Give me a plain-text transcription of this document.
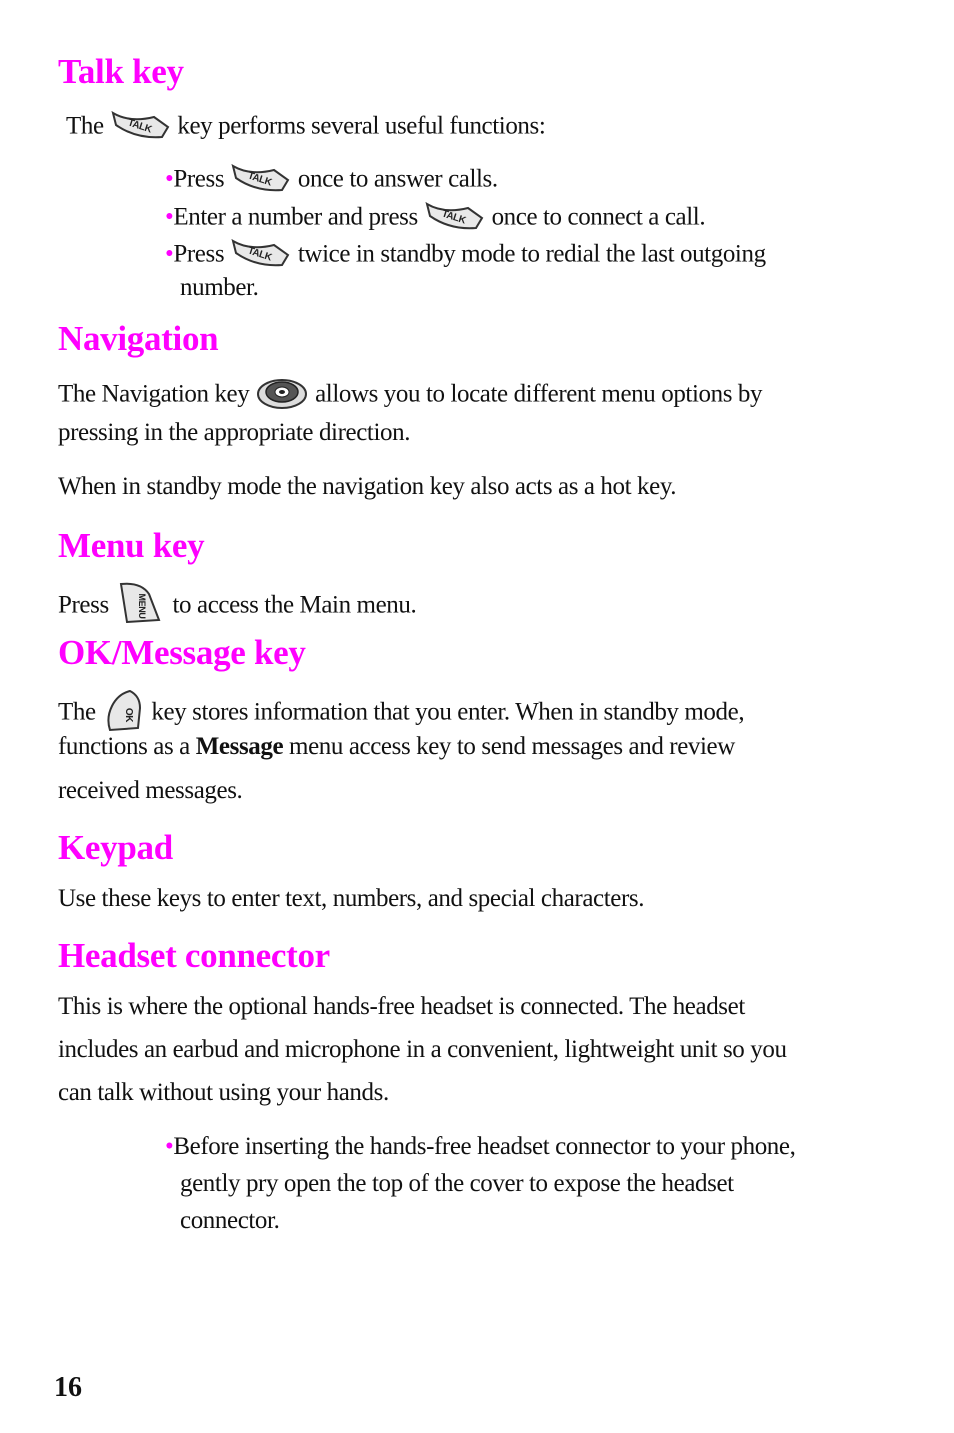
Talk key

The TALK key performs several useful functions:

•Press TALK once to answer calls.

•Enter a number and press TALK once to connect a call.

•Press TALK twice in standby mode to redial the last outgoing

number.

Navigation

The Navigation key	allows you to locate different menu options by

pressing in the appropriate direction.

When in standby mode the navigation key also acts as a hot key.

Menu key

Press	MENU to access the Main menu.

OK/Message key

The	OK key stores information that you enter. When in standby mode,

functions as a Message menu access key to send messages and review

received messages.

Keypad

Use these keys to enter text, numbers, and special characters.

Headset connector

This is where the optional hands-free headset is connected. The headset

includes an earbud and microphone in a convenient, lightweight unit so you

can talk without using your hands.

•Before inserting the hands-free headset connector to your phone,

gently pry open the top of the cover to expose the headset

connector.

16
